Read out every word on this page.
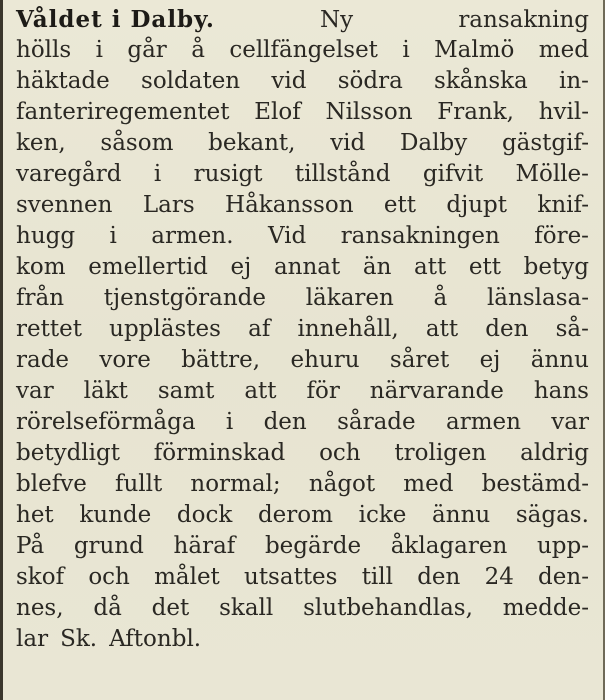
Våldet i Dalby.	Ny	ransakning
hölls i går å cellfängelset i Malmö med
häktade soldaten vid södra skånska in-
fanteriregementet Elof Nilsson Frank, hvil-
ken, såsom bekant, vid Dalby gästgif-
varegård i rusigt tillstånd gifvit Mölle-
svennen Lars Håkansson ett djupt knif-
hugg i armen. Vid ransakningen före-
kom emellertid ej annat än att ett betyg
från tjenstgörande läkaren å länslasa-
rettet upplästes af innehåll, att den så-
rade vore bättre, ehuru såret ej ännu
var läkt samt att för närvarande hans
rörelseförmåga i den sårade armen var
betydligt förminskad och troligen aldrig
blefve fullt normal; något med bestämd-
het kunde dock derom icke ännu sägas.
På grund häraf begärde åklagaren upp-
skof och målet utsattes till den 24 den-
nes, då det skall slutbehandlas, medde-
lar Sk. Aftonbl.
